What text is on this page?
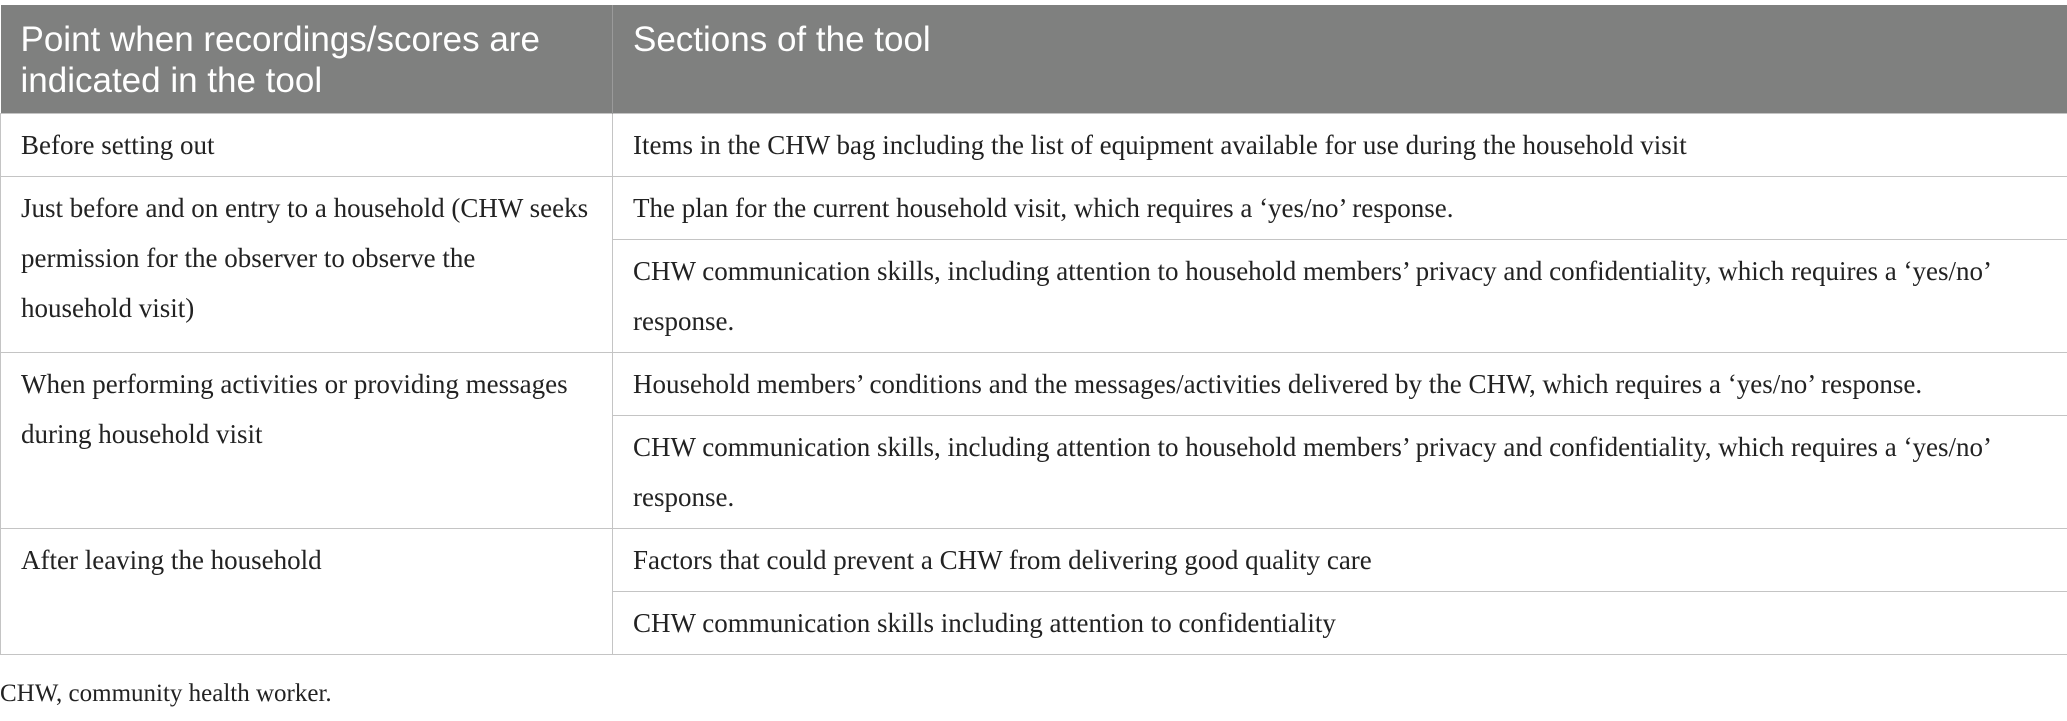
Point when recordings/scores are indicated in the tool	Sections of the tool
Before setting out	Items in the CHW bag including the list of equipment available for use during the household visit
Just before and on entry to a household (CHW seeks permission for the observer to observe the household visit)	The plan for the current household visit, which requires a ‘yes/no’ response.
	CHW communication skills, including attention to household members’ privacy and confidentiality, which requires a ‘yes/no’ response.
When performing activities or providing messages during household visit	Household members’ conditions and the messages/activities delivered by the CHW, which requires a ‘yes/no’ response.
	CHW communication skills, including attention to household members’ privacy and confidentiality, which requires a ‘yes/no’ response.
After leaving the household	Factors that could prevent a CHW from delivering good quality care
	CHW communication skills including attention to confidentiality
CHW, community health worker.
